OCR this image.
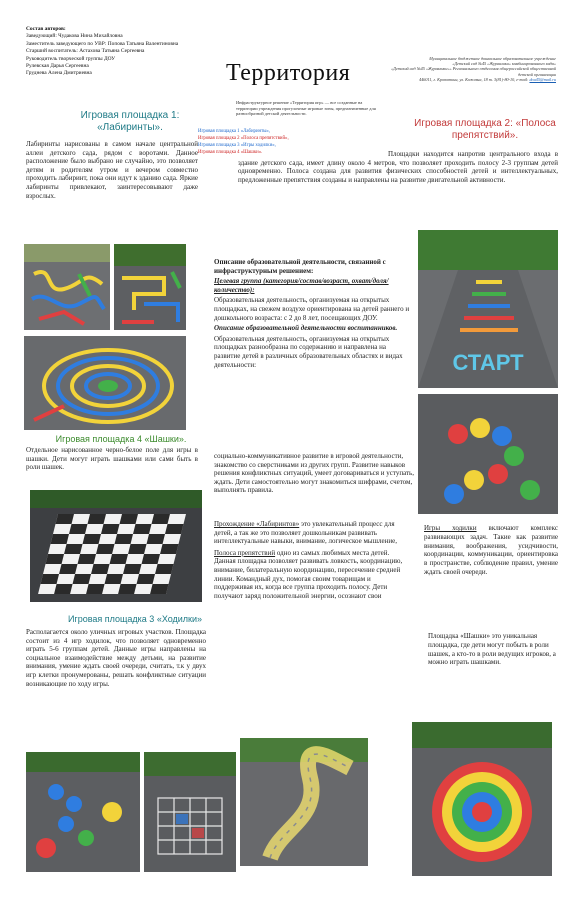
Состав авторов:
Заведующий: Чудакова Нина Михайловна
Заместитель заведующего по УВР: Попова Татьяна Валентиновна
Старший воспитатель: Астахова Татьяна Сергеевна
Руководитель творческой группы ДОУ
Рулевская Дарья Сергеевна
Груднева Алена Дмитриевна	Территория
Муниципальное бюджетное дошкольное образовательное учреждение
«Детский сад №45 «Журавлики» комбинированного вида»
«Детский сад №45 «Журавлики»» Регионального отделения общероссийской общественной детской организации
446011, г. Кропоткин, ул. Кожевна, 18 т. 3(81)-80-10, e-mail: dou45@mail.ru
Инфраструктурное решение «Территория игр» — все созданные на территории учреждения прогулочные игровые зоны, предназначенные для разнообразной детской деятельности.
Игровая площадка 1 «Лабиринты»,
Игровая площадка 2 «Полоса препятствий»,
Игровая площадка 3 «Игры ходилки»,
Игровая площадка 4 «Шашки».
Игровая площадка 1: «Лабиринты».
Лабиринты нарисованы в самом начале центральной аллеи детского сада, рядом с воротами. Данное расположение было выбрано не случайно, это позволяет детям и родителям утром и вечером совместно проходить лабиринт, пока они идут к зданию сада. Яркие лабиринты привлекают, заинтересовывают даже взрослых.
Игровая площадка 2: «Полоса препятствий».
Площадки находится напротив центрального входа в здание детского сада, имеет длину около 4 метров, что позволяет проходить полосу 2-3 группам детей одновременно. Полоса создана для развития физических способностей детей и интеллектуальных, предложенные препятствия созданы и направлены на развитие двигательной активности.

Описание образовательной деятельности, связанной с инфраструктурным решением:

Целевая группа (категория/состав/возраст, охват/доля/количество):

Образовательная деятельность, организуемая на открытых площадках, на свежем воздухе ориентирована на детей раннего и дошкольного возраста: с 2 до 8 лет, посещающих ДОУ.

Описание образовательной деятельности воспитанников.

Образовательная деятельность, организуемая на открытых площадках разнообразна по содержанию и направлена на развитие детей в различных образовательных областях и видах деятельности:

социально-коммуникативное развитие в игровой деятельности, знакомство со сверстниками из других групп. Развитие навыков решения конфликтных ситуаций, умеет договариваться и уступать, ждать. Дети самостоятельно могут знакомиться шифрами, счетом, выполнять правила.

Прохождение «Лабиринтов» это увлекательный процесс для детей, а так же это позволяет дошкольникам развивать интеллектуальные навыки, внимание, логическое мышление,

Полоса препятствий одно из самых любимых места детей. Данная площадка позволяет развивать ловкость, координацию, внимание, билатеральную координацию, пересечение средней линии. Командный дух, помогая своим товарищам и поддерживая их, когда все группа проходить полосу. Дети получают заряд положительной энергии, осознают свои

СТАРТ
Игры ходилки включают комплекс развивающих задач. Такие как развитие внимания, воображения, усидчивости, координации, коммуникации, ориентировка в пространстве, соблюдение правил, умение ждать своей очереди.
Площадка «Шашки» это уникальная площадка, где дети могут побыть в роли шашек, а кто-то в роли ведущих игроков, а можно играть шашками.
Игровая площадка 4 «Шашки».
Отдельное нарисованное черно-белое поле для игры в шашки. Дети могут играть шашками или сами быть в роли шашек.
Игровая площадка 3 «Ходилки»
Располагается около уличных игровых участков. Площадка состоит из 4 игр ходилок, что позволяет одновременно играть 5-6 группам детей. Данные игры направлены на социальное взаимодействие между детьми, на развитие внимания, умение ждать своей очереди, считать, т.к у двух игр клетки пронумерованы, решать конфликтные ситуации возникающие по ходу игры.
